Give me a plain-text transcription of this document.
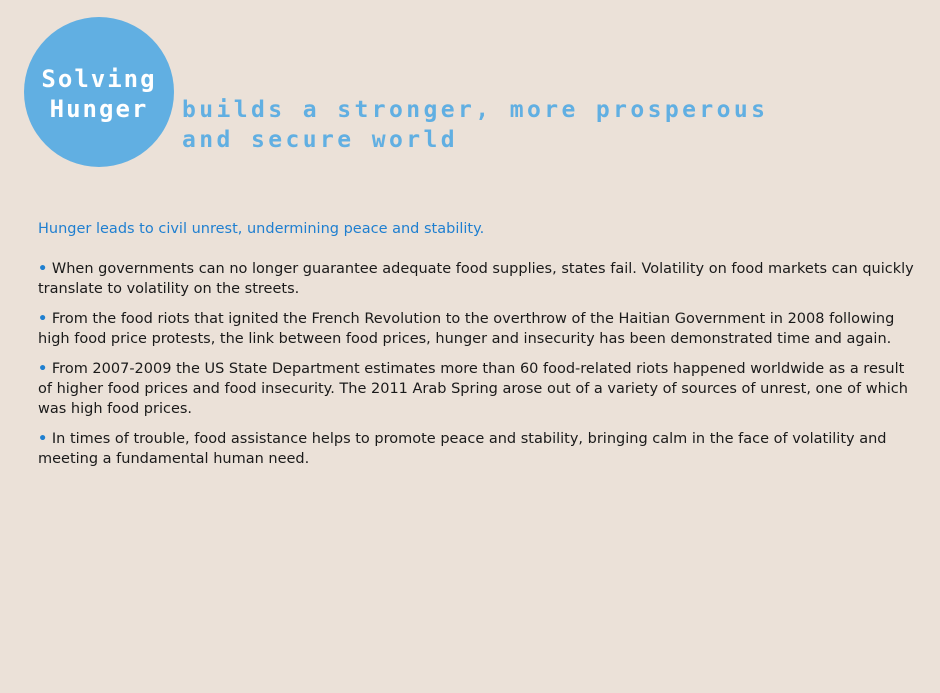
Solving
Hunger builds a stronger, more prosperous
and secure world

Hunger leads to civil unrest, undermining peace and stability.

• When governments can no longer guarantee adequate food supplies, states fail. Volatility on food markets can quickly translate to volatility on the streets.
• From the food riots that ignited the French Revolution to the overthrow of the Haitian Government in 2008 following high food price protests, the link between food prices, hunger and insecurity has been demonstrated time and again.
• From 2007-2009 the US State Department estimates more than 60 food-related riots happened worldwide as a result of higher food prices and food insecurity. The 2011 Arab Spring arose out of a variety of sources of unrest, one of which was high food prices.
• In times of trouble, food assistance helps to promote peace and stability, bringing calm in the face of volatility and meeting a fundamental human need.
